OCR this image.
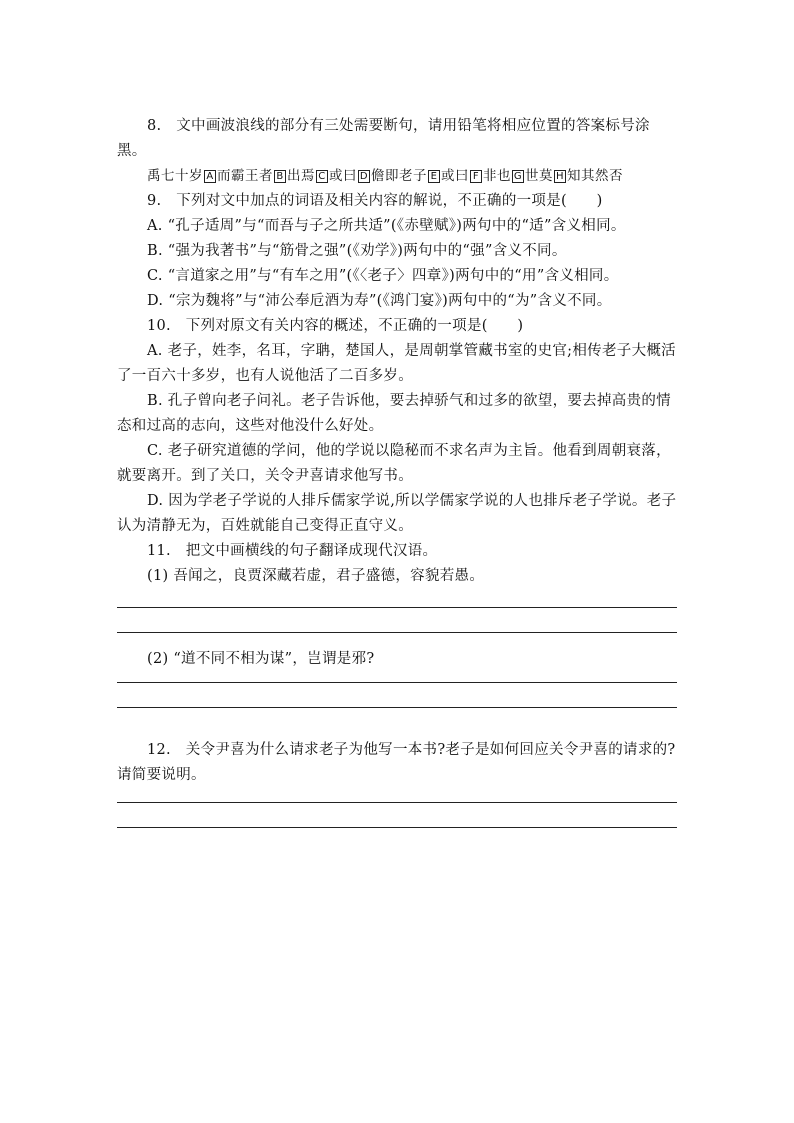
8.　文中画波浪线的部分有三处需要断句，请用铅笔将相应位置的答案标号涂黑。

禹七十岁 A 而霸王者 B 出焉 C 或曰 D 儋即老子 E 或曰 F 非也 G 世莫 H 知其然否

9.　下列对文中加点的词语及相关内容的解说，不正确的一项是(　　)

A. “孔子适周”与“而吾与子之所共适”(《赤壁赋》)两句中的“适”含义相同。

B. “强为我著书”与“筋骨之强”(《劝学》)两句中的“强”含义不同。

C. “言道家之用”与“有车之用”(《〈老子〉四章》)两句中的“用”含义相同。

D. “宗为魏将”与“沛公奉卮酒为寿”(《鸿门宴》)两句中的“为”含义不同。

10.　下列对原文有关内容的概述，不正确的一项是(　　)

A. 老子，姓李，名耳，字聃，楚国人，是周朝掌管藏书室的史官;相传老子大概活了一百六十多岁，也有人说他活了二百多岁。

B. 孔子曾向老子问礼。老子告诉他，要去掉骄气和过多的欲望，要去掉高贵的情态和过高的志向，这些对他没什么好处。

C. 老子研究道德的学问，他的学说以隐秘而不求名声为主旨。他看到周朝衰落，就要离开。到了关口，关令尹喜请求他写书。

D. 因为学老子学说的人排斥儒家学说,所以学儒家学说的人也排斥老子学说。老子认为清静无为，百姓就能自己变得正直守义。

11.　把文中画横线的句子翻译成现代汉语。

(1) 吾闻之，良贾深藏若虚，君子盛德，容貌若愚。

(2) “道不同不相为谋”，岂谓是邪?

12.　关令尹喜为什么请求老子为他写一本书?老子是如何回应关令尹喜的请求的?请简要说明。
